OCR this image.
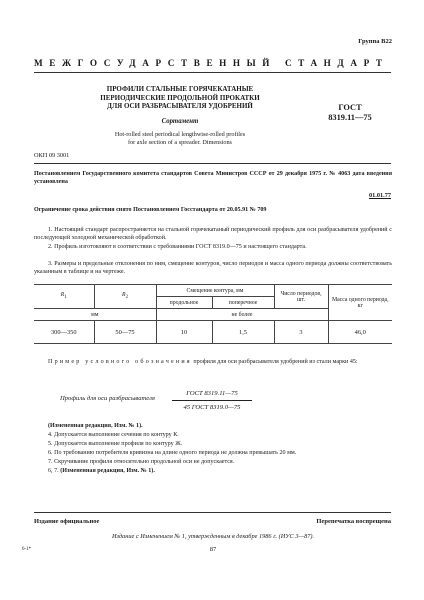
Группа В22
МЕЖГОСУДАРСТВЕННЫЙ СТАНДАРТ
ПРОФИЛИ СТАЛЬНЫЕ ГОРЯЧЕКАТАНЫЕ
ПЕРИОДИЧЕСКИЕ ПРОДОЛЬНОЙ ПРОКАТКИ
ДЛЯ ОСИ РАЗБРАСЫВАТЕЛЯ УДОБРЕНИЙ
Сортамент
Hot-rolled steel periodical lengthwise-rolled profiles
for axle section of a spreader. Dimensions
ГОСТ
8319.11—75
ОКП 09 3001
Постановлением Государственного комитета стандартов Совета Министров СССР от 29 декабря 1975 г. № 4063 дата введения установлена
01.01.77
Ограничение срока действия снято Постановлением Госстандарта от 20.05.91 № 709
1. Настоящий стандарт распространяется на стальной горячекатаный периодический профиль для оси разбрасывателя удобрений с последующей холодной механической обработкой.
2. Профиль изготовляют в соответствии с требованиями ГОСТ 8319.0—75 и настоящего стандарта.
3. Размеры и предельные отклонения по ним, смещение контуров, число периодов и масса одного периода должны соответствовать указанным в таблице и на чертеже.
$R_1$	$R_2$	Смещение контура, мм		Число периодов, шт.	Масса одного периода, кг
		продольное	поперечное		
мм		не более			
300—350	50—75	10	1,5	3	46,0
Пример условного обозначения профиля для оси разбрасывателя удобрений из стали марки 45:
Профиль для оси разбрасывателя
ГОСТ 8319.11—75
45 ГОСТ 8319.0—75
(Измененная редакция, Изм. № 1).
4. Допускается выполнение сечения по контуру К.
5. Допускается выполнение профиля по контуру Ж.
6. По требованию потребителя кривизна на длине одного периода не должна превышать 20 мм.
7. Скручивание профиля относительно продольной оси не допускается.
6, 7. (Измененная редакция, Изм. № 1).
Издание официальное	Перепечатка воспрещена
Издание с Изменением № 1, утвержденным в декабре 1986 г. (ИУС 3—87).
87
6-1*
